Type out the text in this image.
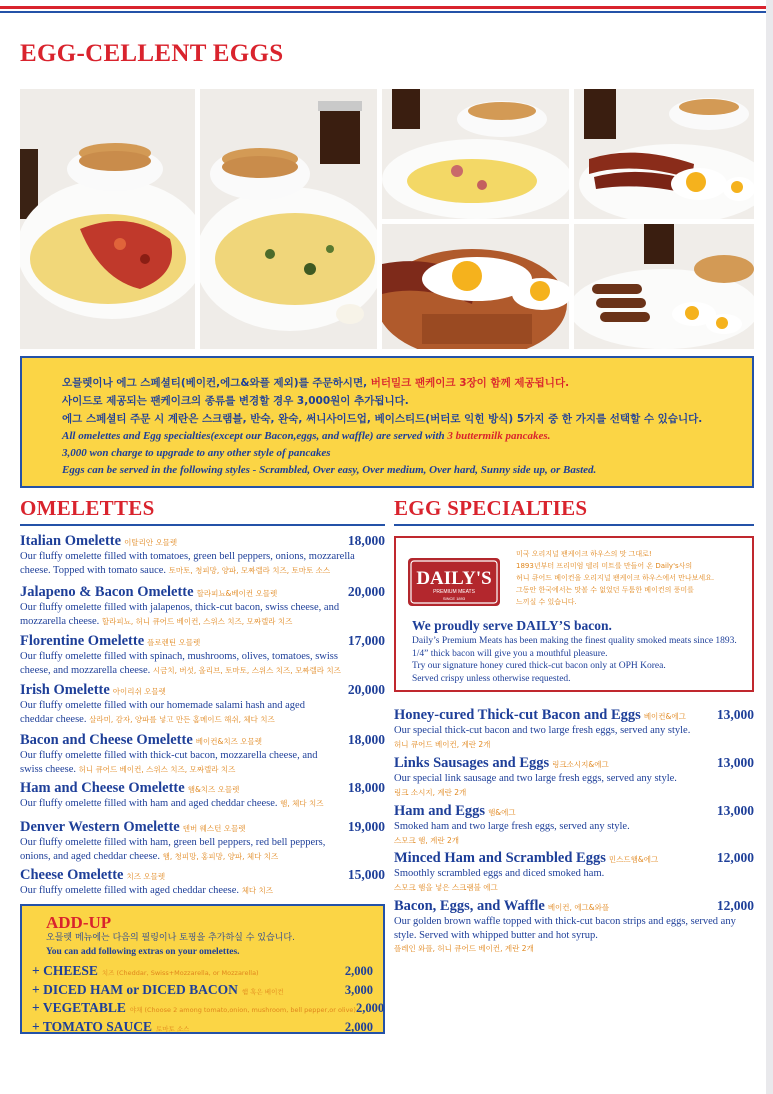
EGG-CELLENT EGGS
오믈렛이나 에그 스페셜티(베이컨,에그&와플 제외)를 주문하시면, 버터밀크 팬케이크 3장이 함께 제공됩니다.
사이드로 제공되는 팬케이크의 종류를 변경할 경우 3,000원이 추가됩니다.
에그 스페셜티 주문 시 계란은 스크램블, 반숙, 완숙, 써니사이드업, 베이스티드(버터로 익힌 방식) 5가지 중 한 가지를 선택할 수 있습니다.
All omelettes and Egg specialties(except our Bacon,eggs, and waffle) are served with 3 buttermilk pancakes.
3,000 won charge to upgrade to any other style of pancakes
Eggs can be served in the following styles - Scrambled, Over easy, Over medium, Over hard, Sunny side up, or Basted.
OMELETTES
Italian Omelette 이탈리안 오믈렛	18,000
Our fluffy omelette filled with tomatoes, green bell peppers, onions, mozzarella cheese. Topped with tomato sauce. 토마토, 청피망, 양파, 모짜렐라 치즈, 토마토 소스
Jalapeno & Bacon Omelette 할라피뇨&베이컨 오믈렛	20,000
Our fluffy omelette filled with jalapenos, thick-cut bacon, swiss cheese, and mozzarella cheese. 할라피뇨, 허니 큐어드 베이컨, 스위스 치즈, 모짜렐라 치즈
Florentine Omelette 플로렌틴 오믈렛	17,000
Our fluffy omelette filled with spinach, mushrooms, olives, tomatoes, swiss cheese, and mozzarella cheese. 시금치, 버섯, 올리브, 토마토, 스위스 치즈, 모짜렐라 치즈
Irish Omelette 아이리쉬 오믈렛	20,000
Our fluffy omelette filled with our homemade salami hash and aged cheddar cheese. 살라미, 감자, 양파를 넣고 만든 홈메이드 해쉬, 체다 치즈
Bacon and Cheese Omelette 베이컨&치즈 오믈렛	18,000
Our fluffy omelette filled with thick-cut bacon, mozzarella cheese, and swiss cheese. 허니 큐어드 베이컨, 스위스 치즈, 모짜렐라 치즈
Ham and Cheese Omelette 햄&치즈 오믈렛	18,000
Our fluffy omelette filled with ham and aged cheddar cheese. 햄, 체다 치즈
Denver Western Omelette 덴버 웨스턴 오믈렛	19,000
Our fluffy omelette filled with ham, green bell peppers, red bell peppers, onions, and aged cheddar cheese. 햄, 청피망, 홍피망, 양파, 체다 치즈
Cheese Omelette 치즈 오믈렛	15,000
Our fluffy omelette filled with aged cheddar cheese. 체다 치즈
ADD-UP
오믈렛 메뉴에는 다음의 필링이나 토핑을 추가하실 수 있습니다.
You can add following extras on your omelettes.
+ CHEESE 치즈 (Cheddar, Swiss+Mozzarella, or Mozzarella)	2,000
+ DICED HAM or DICED BACON 햄 혹은 베이컨	3,000
+ VEGETABLE 야채 (Choose 2 among tomato,onion, mushroom, bell pepper,or olive) 2,000
+ TOMATO SAUCE 토마토 소스	2,000
EGG SPECIALTIES
DAILY'S
PREMIUM MEATS
SINCE 1893
미국 오리지널 팬케이크 하우스의 맛 그대로!
1893년부터 프리미엄 델리 미트를 만들어 온 Daily's사의
허니 큐어드 베이컨을 오리지널 팬케이크 하우스에서 만나보세요.
그동안 한국에서는 맛볼 수 없었던 두툼한 베이컨의 풍미를
느끼실 수 있습니다.
We proudly serve DAILY’S bacon.
Daily’s Premium Meats has been making the finest quality smoked meats since 1893.
1/4” thick bacon will give you a mouthful pleasure.
Try our signature honey cured thick-cut bacon only at OPH Korea.
Served crispy unless otherwise requested.
Honey-cured Thick-cut Bacon and Eggs 베이컨&에그 13,000
Our special thick-cut bacon and two large fresh eggs, served any style.
허니 큐어드 베이컨, 계란 2개
Links Sausages and Eggs 링크소시지&에그	13,000
Our special link sausage and two large fresh eggs, served any style.
링크 소시지, 계란 2개
Ham and Eggs 햄&에그	13,000
Smoked ham and two large fresh eggs, served any style.
스모크 햄, 계란 2개
Minced Ham and Scrambled Eggs 민스드햄&에그	12,000
Smoothly scrambled eggs and diced smoked ham.
스모크 햄을 넣은 스크램블 에그
Bacon, Eggs, and Waffle 베이컨, 에그&와플	12,000
Our golden brown waffle topped with thick-cut bacon strips and eggs, served any style. Served with whipped butter and hot syrup.
플레인 와플, 허니 큐어드 베이컨, 계란 2개
